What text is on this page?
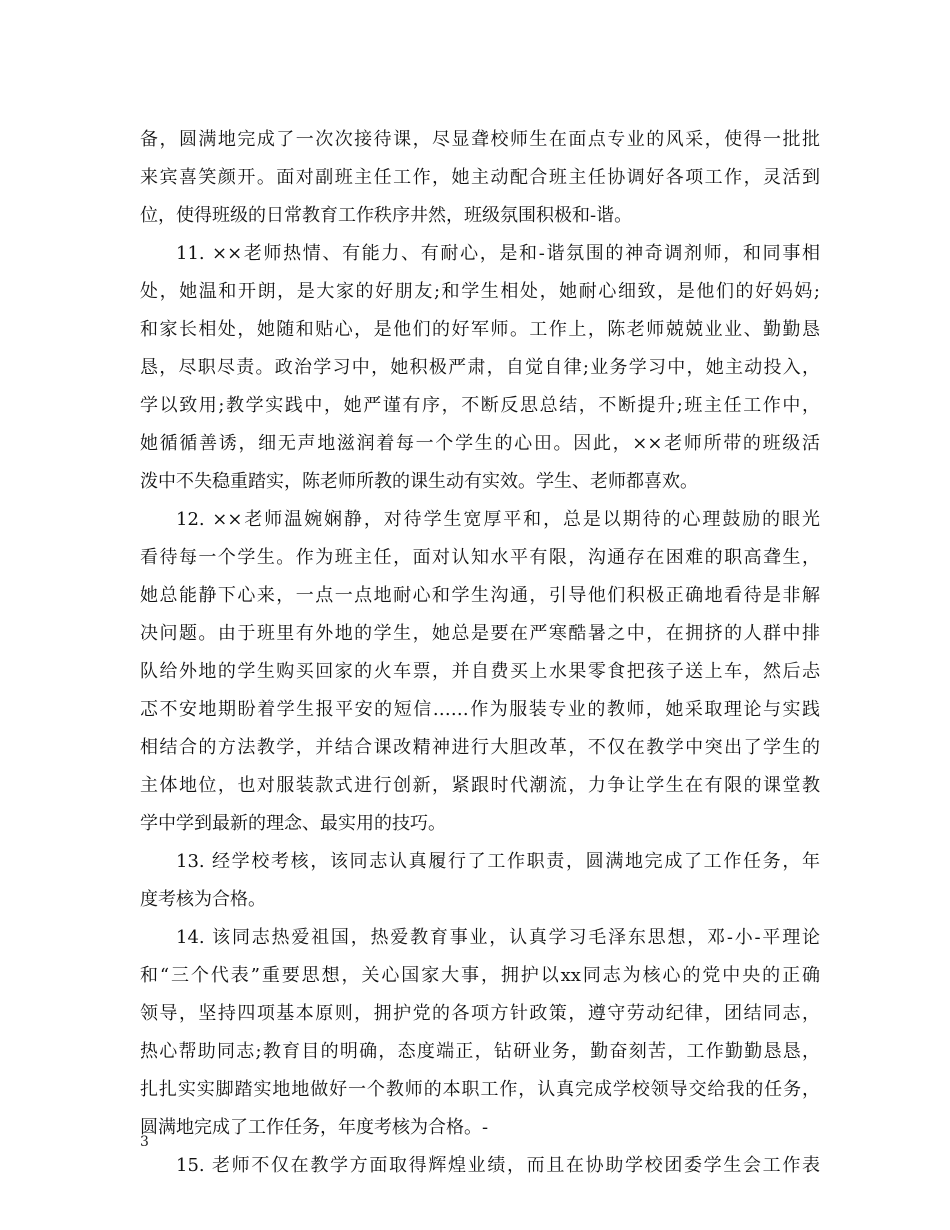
备，圆满地完成了一次次接待课，尽显聋校师生在面点专业的风采，使得一批批
来宾喜笑颜开。面对副班主任工作，她主动配合班主任协调好各项工作，灵活到
位，使得班级的日常教育工作秩序井然，班级氛围积极和-谐。
11. ××老师热情、有能力、有耐心，是和-谐氛围的神奇调剂师，和同事相
处，她温和开朗，是大家的好朋友;和学生相处，她耐心细致，是他们的好妈妈;
和家长相处，她随和贴心，是他们的好军师。工作上，陈老师兢兢业业、勤勤恳
恳，尽职尽责。政治学习中，她积极严肃，自觉自律;业务学习中，她主动投入，
学以致用;教学实践中，她严谨有序，不断反思总结，不断提升;班主任工作中，
她循循善诱，细无声地滋润着每一个学生的心田。因此，××老师所带的班级活
泼中不失稳重踏实，陈老师所教的课生动有实效。学生、老师都喜欢。
12. ××老师温婉娴静，对待学生宽厚平和，总是以期待的心理鼓励的眼光
看待每一个学生。作为班主任，面对认知水平有限，沟通存在困难的职高聋生，
她总能静下心来，一点一点地耐心和学生沟通，引导他们积极正确地看待是非解
决问题。由于班里有外地的学生，她总是要在严寒酷暑之中，在拥挤的人群中排
队给外地的学生购买回家的火车票，并自费买上水果零食把孩子送上车，然后忐
忑不安地期盼着学生报平安的短信……作为服装专业的教师，她采取理论与实践
相结合的方法教学，并结合课改精神进行大胆改革，不仅在教学中突出了学生的
主体地位，也对服装款式进行创新，紧跟时代潮流，力争让学生在有限的课堂教
学中学到最新的理念、最实用的技巧。
13. 经学校考核，该同志认真履行了工作职责，圆满地完成了工作任务，年
度考核为合格。
14. 该同志热爱祖国，热爱教育事业，认真学习毛泽东思想，邓-小-平理论
和“三个代表”重要思想，关心国家大事，拥护以xx同志为核心的党中央的正确
领导，坚持四项基本原则，拥护党的各项方针政策，遵守劳动纪律，团结同志，
热心帮助同志;教育目的明确，态度端正，钻研业务，勤奋刻苦，工作勤勤恳恳，
扎扎实实脚踏实地地做好一个教师的本职工作，认真完成学校领导交给我的任务，
圆满地完成了工作任务，年度考核为合格。-
15. 老师不仅在教学方面取得辉煌业绩，而且在协助学校团委学生会工作表
3
